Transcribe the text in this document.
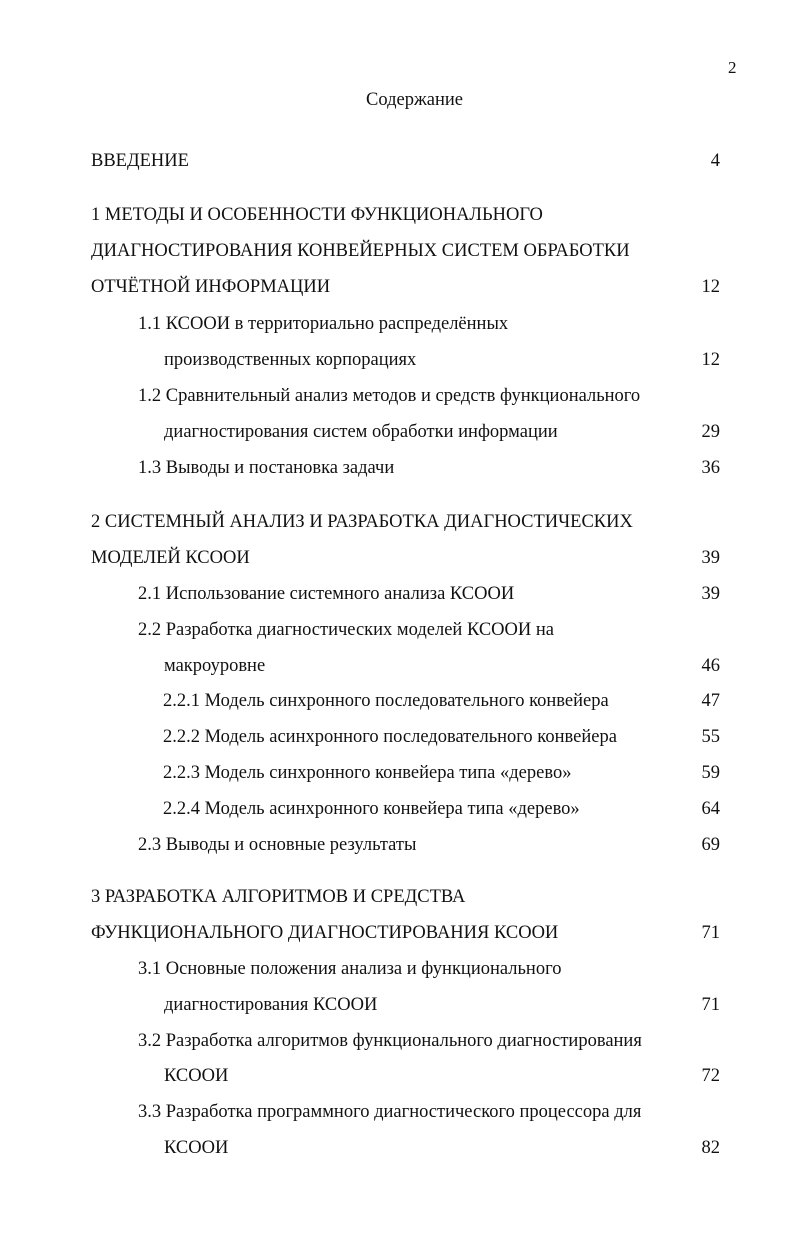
2
Содержание
ВВЕДЕНИЕ	4
1 МЕТОДЫ И ОСОБЕННОСТИ ФУНКЦИОНАЛЬНОГО
ДИАГНОСТИРОВАНИЯ КОНВЕЙЕРНЫХ СИСТЕМ ОБРАБОТКИ
ОТЧЁТНОЙ ИНФОРМАЦИИ	12
1.1 КСООИ в территориально распределённых
производственных корпорациях	12
1.2 Сравнительный анализ методов и средств функционального
диагностирования систем обработки информации	29
1.3 Выводы и постановка задачи	36
2 СИСТЕМНЫЙ АНАЛИЗ И РАЗРАБОТКА ДИАГНОСТИЧЕСКИХ
МОДЕЛЕЙ КСООИ	39
2.1 Использование системного анализа КСООИ	39
2.2 Разработка диагностических моделей КСООИ на
макроуровне	46
2.2.1 Модель синхронного последовательного конвейера	47
2.2.2 Модель асинхронного последовательного конвейера	55
2.2.3 Модель синхронного конвейера типа «дерево»	59
2.2.4 Модель асинхронного конвейера типа «дерево»	64
2.3 Выводы и основные результаты	69
3 РАЗРАБОТКА АЛГОРИТМОВ И СРЕДСТВА
ФУНКЦИОНАЛЬНОГО ДИАГНОСТИРОВАНИЯ КСООИ	71
3.1 Основные положения анализа и функционального
диагностирования КСООИ	71
3.2 Разработка алгоритмов функционального диагностирования
КСООИ	72
3.3 Разработка программного диагностического процессора для
КСООИ	82
